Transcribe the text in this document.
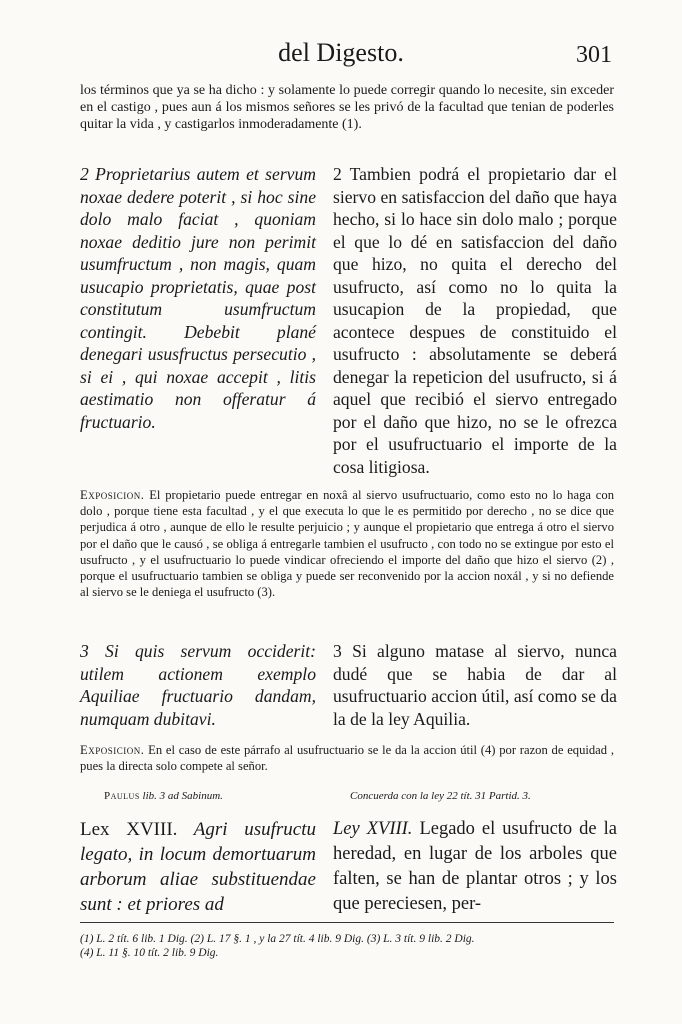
del Digesto.	301
los términos que ya se ha dicho : y solamente lo puede corregir quando lo necesite, sin exceder en el castigo , pues aun á los mismos señores se les privó de la facultad que tenian de poderles quitar la vida , y castigarlos inmoderadamente (1).
2 Proprietarius autem et servum noxae dedere poterit , si hoc sine dolo malo faciat , quoniam noxae deditio jure non perimit usumfructum , non magis, quam usucapio proprietatis, quae post constitutum usumfructum contingit. Debebit plané denegari ususfructus persecutio , si ei , qui noxae accepit , litis aestimatio non offeratur á fructuario.
2 Tambien podrá el propietario dar el siervo en satisfaccion del daño que haya hecho, si lo hace sin dolo malo ; porque el que lo dé en satisfaccion del daño que hizo, no quita el derecho del usufructo, así como no lo quita la usucapion de la propiedad, que acontece despues de constituido el usufructo : absolutamente se deberá denegar la repeticion del usufructo, si á aquel que recibió el siervo entregado por el daño que hizo, no se le ofrezca por el usufructuario el importe de la cosa litigiosa.
Exposicion. El propietario puede entregar en noxâ al siervo usufructuario, como esto no lo haga con dolo , porque tiene esta facultad , y el que executa lo que le es permitido por derecho , no se dice que perjudica á otro , aunque de ello le resulte perjuicio ; y aunque el propietario que entrega á otro el siervo por el daño que le causó , se obliga á entregarle tambien el usufructo , con todo no se extingue por esto el usufructo , y el usufructuario lo puede vindicar ofreciendo el importe del daño que hizo el siervo (2) , porque el usufructuario tambien se obliga y puede ser reconvenido por la accion noxál , y si no defiende al siervo se le deniega el usufructo (3).
3 Si quis servum occiderit: utilem actionem exemplo Aquiliae fructuario dandam, numquam dubitavi.
3 Si alguno matase al siervo, nunca dudé que se habia de dar al usufructuario accion útil, así como se da la de la ley Aquilia.
Exposicion. En el caso de este párrafo al usufructuario se le da la accion útil (4) por razon de equidad , pues la directa solo compete al señor.
Paulus lib. 3 ad Sabinum.	Concuerda con la ley 22 tít. 31 Partid. 3.
Lex XVIII. Agri usufructu legato, in locum demortuarum arborum aliae substituendae sunt : et priores ad
Ley XVIII. Legado el usufructo de la heredad, en lugar de los arboles que falten, se han de plantar otros ; y los que pereciesen, per-
(1) L. 2 tít. 6 lib. 1 Dig. (2) L. 17 §. 1 , y la 27 tít. 4 lib. 9 Dig. (3) L. 3 tít. 9 lib. 2 Dig.
(4) L. 11 §. 10 tít. 2 lib. 9 Dig.
